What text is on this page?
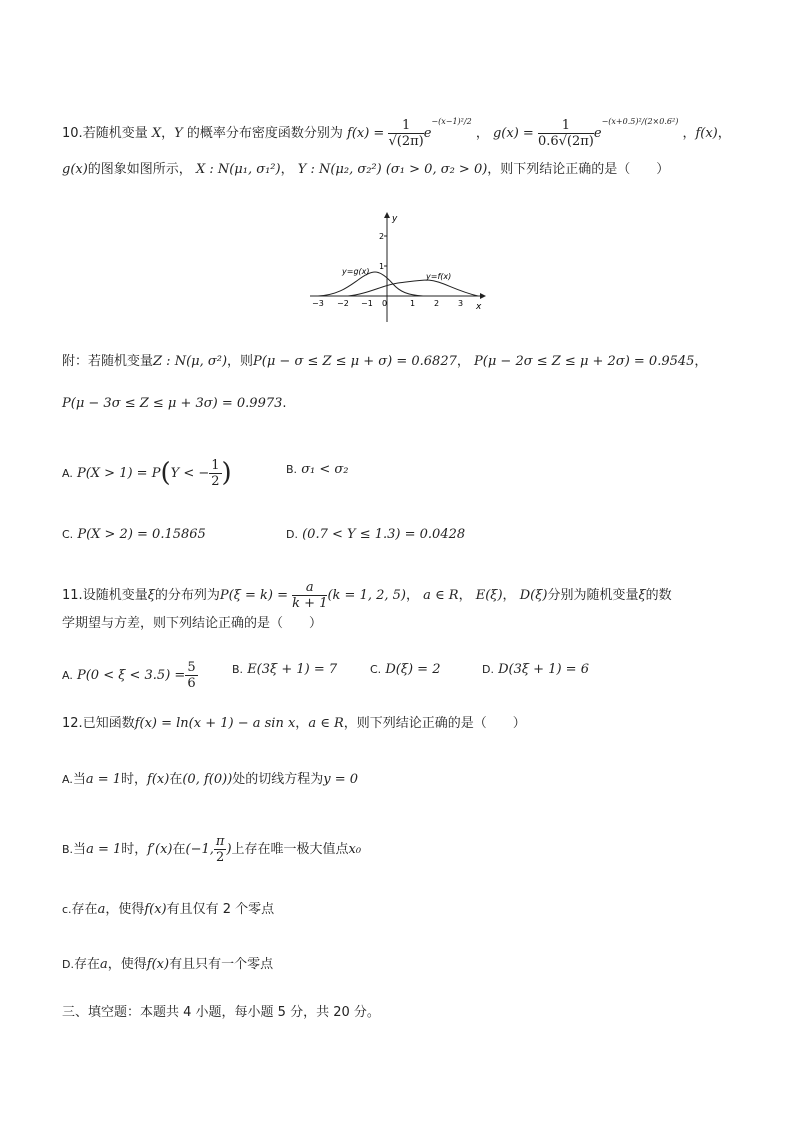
10.若随机变量 X，Y 的概率分布密度函数分别为 $f(x) = \frac{1}{√(2\pi)} e^{-(x-1)^2/2}$ ， $g(x) = \frac{1}{0.6√(2\pi)} e^{-(x+0.5)^2/(2\times 0.6^2)}$ ，f(x)，
g(x)的图象如图所示， X : N(μ₁, σ₁²)， Y : N(μ₂, σ₂²) (σ₁ > 0, σ₂ > 0)，则下列结论正确的是（　　）
y
x
2
1
−3 −2 −1 0	1 2 3
y=g(x)
y=f(x)
附：若随机变量Z : N(μ, σ²)，则P(μ − σ ≤ Z ≤ μ + σ) = 0.6827， P(μ − 2σ ≤ Z ≤ μ + 2σ) = 0.9545，
P(μ − 3σ ≤ Z ≤ μ + 3σ) = 0.9973.
A. P(X > 1) = P(Y < − $\frac{1}{2}$ )	B. σ₁ < σ₂
C. P(X > 2) = 0.15865	D. (0.7 < Y ≤ 1.3) = 0.0428
11.设随机变量ξ的分布列为$P(\xi = k) = \frac{a}{k + 1} (k = 1$, 2, 5)， a ∈ R， E(ξ)， D(ξ)分别为随机变量ξ的数
学期望与方差，则下列结论正确的是（　　）
A. $P(0 < \xi < 3.5) = \frac{5}{6}$	B. E(3ξ + 1) = 7	C. D(ξ) = 2	D. D(3ξ + 1) = 6
12.已知函数f(x) = ln(x + 1) − a sin x，a ∈ R，则下列结论正确的是（　　）
A.当a = 1时，f(x)在(0, f(0))处的切线方程为y = 0
B.当a = 1时，f′(x)在(−1, $\frac{\pi}{2}$ )上存在唯一极大值点x₀
c.存在a，使得f(x)有且仅有 2 个零点
D.存在a，使得f(x)有且只有一个零点
三、填空题：本题共 4 小题，每小题 5 分，共 20 分。
